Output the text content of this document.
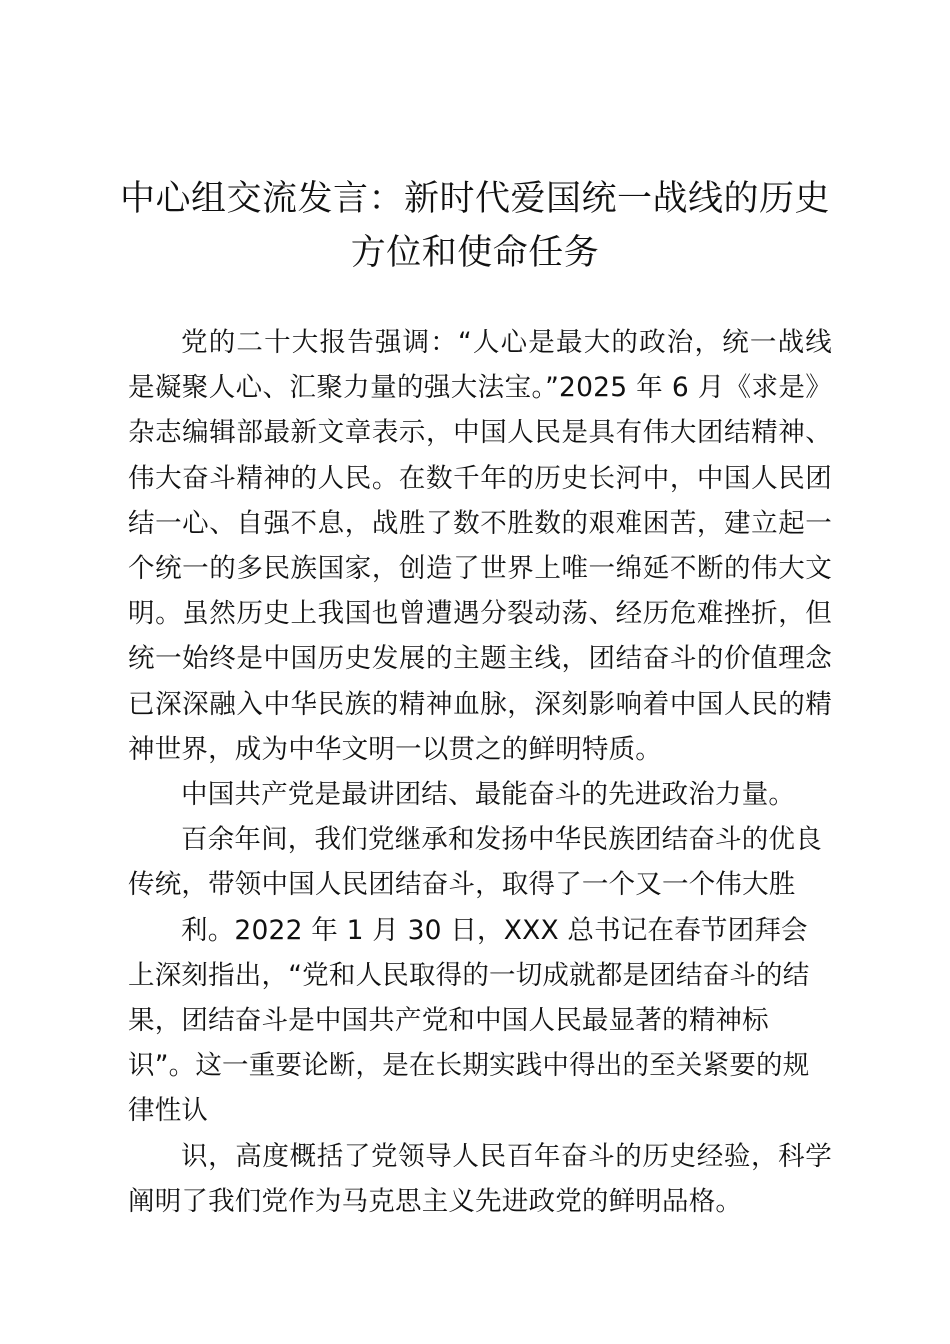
中心组交流发言：新时代爱国统一战线的历史
方位和使命任务

党的二十大报告强调：“人心是最大的政治，统一战线是凝聚人心、汇聚力量的强大法宝。”2025 年 6 月《求是》杂志编辑部最新文章表示，中国人民是具有伟大团结精神、伟大奋斗精神的人民。在数千年的历史长河中，中国人民团结一心、自强不息，战胜了数不胜数的艰难困苦，建立起一个统一的多民族国家，创造了世界上唯一绵延不断的伟大文明。虽然历史上我国也曾遭遇分裂动荡、经历危难挫折，但统一始终是中国历史发展的主题主线，团结奋斗的价值理念已深深融入中华民族的精神血脉，深刻影响着中国人民的精神世界，成为中华文明一以贯之的鲜明特质。

中国共产党是最讲团结、最能奋斗的先进政治力量。

百余年间，我们党继承和发扬中华民族团结奋斗的优良传统，带领中国人民团结奋斗，取得了一个又一个伟大胜

利。2022 年 1 月 30 日，XXX 总书记在春节团拜会上深刻指出，“党和人民取得的一切成就都是团结奋斗的结果，团结奋斗是中国共产党和中国人民最显著的精神标识”。这一重要论断，是在长期实践中得出的至关紧要的规律性认

识，高度概括了党领导人民百年奋斗的历史经验，科学阐明了我们党作为马克思主义先进政党的鲜明品格。
